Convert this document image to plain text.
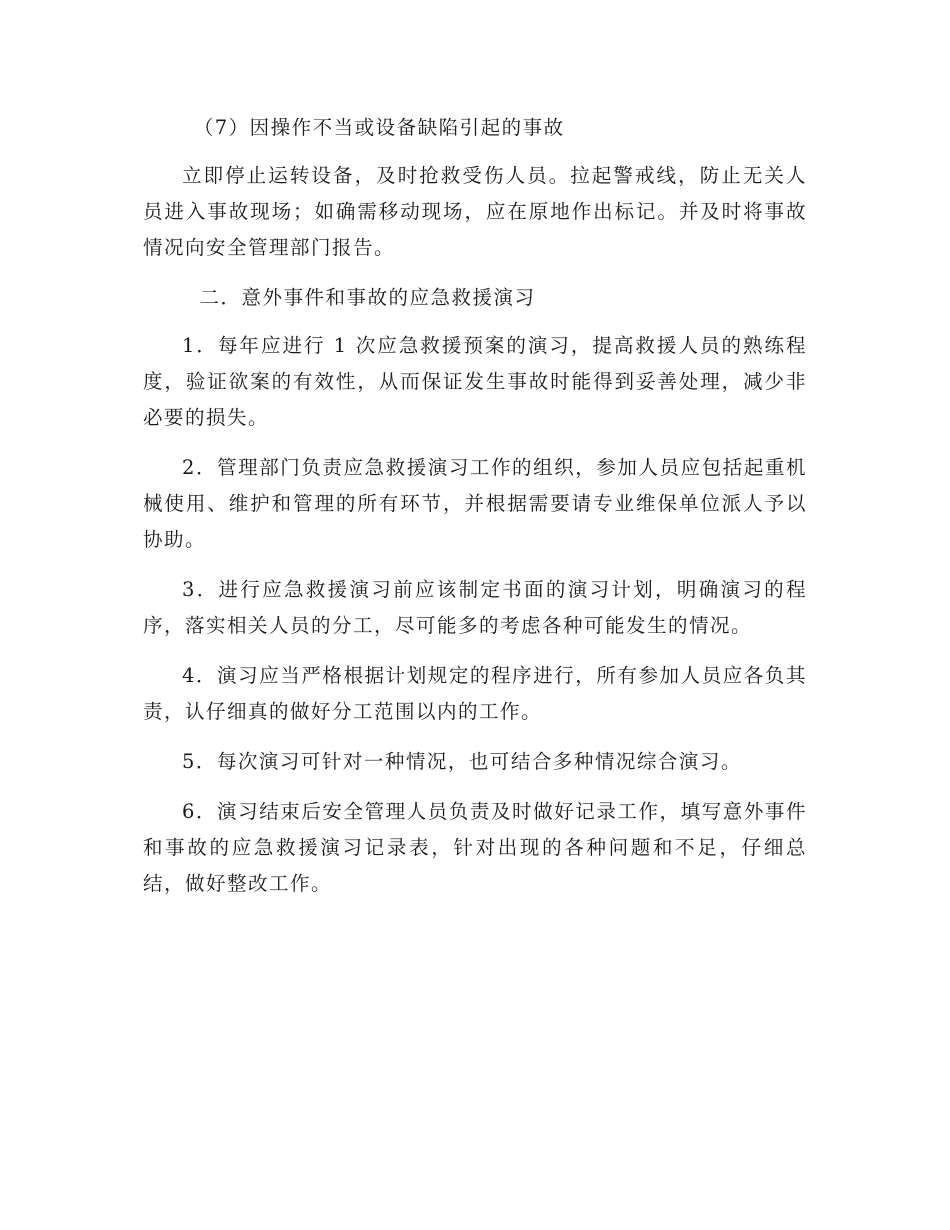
（7）因操作不当或设备缺陷引起的事故

立即停止运转设备，及时抢救受伤人员。拉起警戒线，防止无关人员进入事故现场；如确需移动现场，应在原地作出标记。并及时将事故情况向安全管理部门报告。

二．意外事件和事故的应急救援演习

1．每年应进行 1 次应急救援预案的演习，提高救援人员的熟练程度，验证欲案的有效性，从而保证发生事故时能得到妥善处理，减少非必要的损失。

2．管理部门负责应急救援演习工作的组织，参加人员应包括起重机械使用、维护和管理的所有环节，并根据需要请专业维保单位派人予以协助。

3．进行应急救援演习前应该制定书面的演习计划，明确演习的程序，落实相关人员的分工，尽可能多的考虑各种可能发生的情况。

4．演习应当严格根据计划规定的程序进行，所有参加人员应各负其责，认仔细真的做好分工范围以内的工作。

5．每次演习可针对一种情况，也可结合多种情况综合演习。

6．演习结束后安全管理人员负责及时做好记录工作，填写意外事件和事故的应急救援演习记录表，针对出现的各种问题和不足，仔细总结，做好整改工作。
